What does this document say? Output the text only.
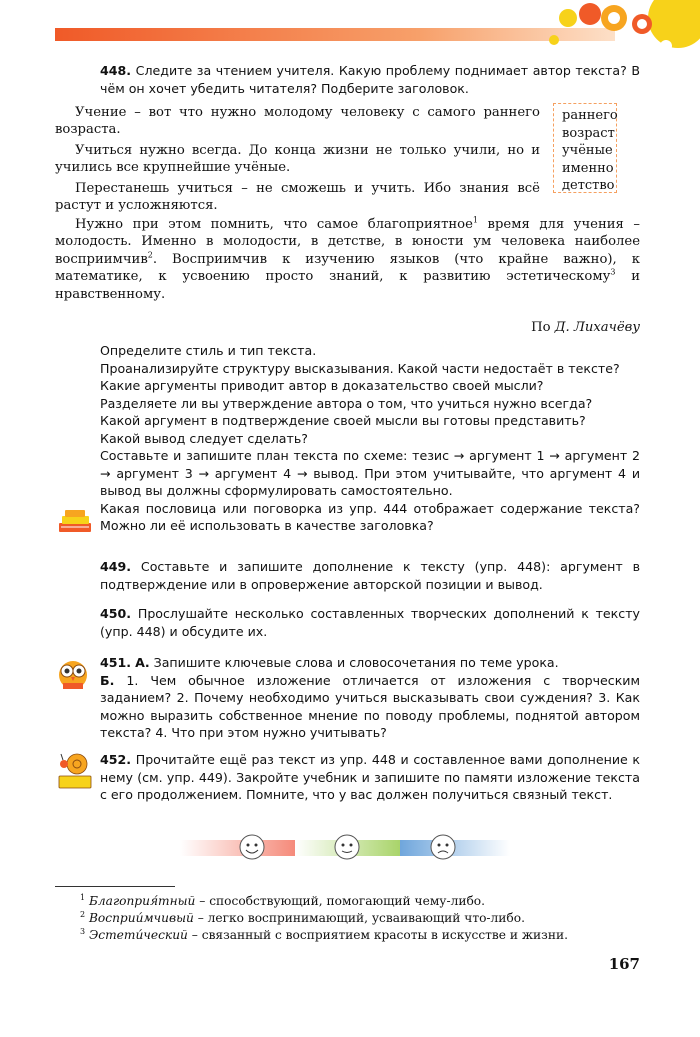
448. Следите за чтением учителя. Какую проблему поднимает автор текста? В чём он хочет убедить читателя? Подберите заголовок.

Учение – вот что нужно молодому человеку с самого раннего возраста.

Учиться нужно всегда. До конца жизни не только учили, но и учились все крупнейшие учёные.

Перестанешь учиться – не сможешь и учить. Ибо знания всё растут и усложняются.

раннего
возраст
учёные
именно
детство

Нужно при этом помнить, что самое благоприятное$^1$ время для учения – молодость. Именно в молодости, в детстве, в юности ум человека наиболее восприимчив$^2$. Восприимчив к изучению языков (что крайне важно), к математике, к усвоению просто знаний, к развитию эстетическому$^3$ и нравственному.

По Д. Лихачёву
Определите стиль и тип текста.
Проанализируйте структуру высказывания. Какой части недостаёт в тексте?
Какие аргументы приводит автор в доказательство своей мысли?
Разделяете ли вы утверждение автора о том, что учиться нужно всегда?
Какой аргумент в подтверждение своей мысли вы готовы представить?
Какой вывод следует сделать?
Составьте и запишите план текста по схеме: тезис → аргумент 1 → аргумент 2 → аргумент 3 → аргумент 4 → вывод. При этом учитывайте, что аргумент 4 и вывод вы должны сформулировать самостоятельно.
Какая пословица или поговорка из упр. 444 отображает содержание текста? Можно ли её использовать в качестве заголовка?
449. Составьте и запишите дополнение к тексту (упр. 448): аргумент в подтверждение или в опровержение авторской позиции и вывод.
450. Прослушайте несколько составленных творческих дополнений к тексту (упр. 448) и обсудите их.
451. А. Запишите ключевые слова и словосочетания по теме урока.
Б. 1. Чем обычное изложение отличается от изложения с творческим заданием? 2. Почему необходимо учиться высказывать свои суждения? 3. Как можно выразить собственное мнение по поводу проблемы, поднятой автором текста? 4. Что при этом нужно учитывать?
452. Прочитайте ещё раз текст из упр. 448 и составленное вами дополнение к нему (см. упр. 449). Закройте учебник и запишите по памяти изложение текста с его продолжением. Помните, что у вас должен получиться связный текст.
$^1$ Благоприя́тный – способствующий, помогающий чему-либо.
$^2$ Восприи́мчивый – легко воспринимающий, усваивающий что-либо.
$^3$ Эстети́ческий – связанный с восприятием красоты в искусстве и жизни.
167
